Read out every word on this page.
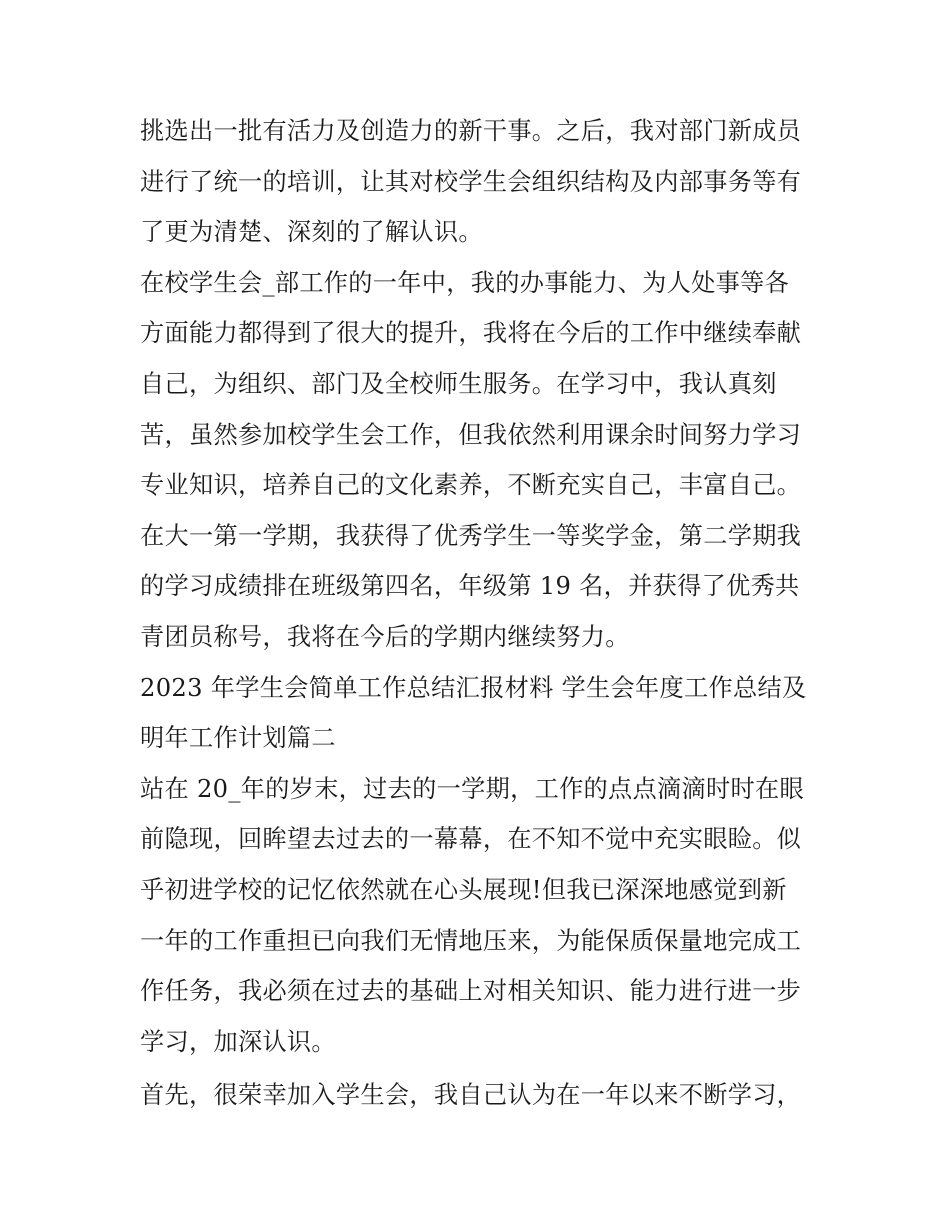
挑选出一批有活力及创造力的新干事。之后，我对部门新成员
进行了统一的培训，让其对校学生会组织结构及内部事务等有
了更为清楚、深刻的了解认识。
在校学生会_部工作的一年中，我的办事能力、为人处事等各
方面能力都得到了很大的提升，我将在今后的工作中继续奉献
自己，为组织、部门及全校师生服务。在学习中，我认真刻
苦，虽然参加校学生会工作，但我依然利用课余时间努力学习
专业知识，培养自己的文化素养，不断充实自己，丰富自己。
在大一第一学期，我获得了优秀学生一等奖学金，第二学期我
的学习成绩排在班级第四名，年级第 19 名，并获得了优秀共
青团员称号，我将在今后的学期内继续努力。
2023 年学生会简单工作总结汇报材料 学生会年度工作总结及
明年工作计划篇二
站在 20_年的岁末，过去的一学期，工作的点点滴滴时时在眼
前隐现，回眸望去过去的一幕幕，在不知不觉中充实眼睑。似
乎初进学校的记忆依然就在心头展现!但我已深深地感觉到新
一年的工作重担已向我们无情地压来，为能保质保量地完成工
作任务，我必须在过去的基础上对相关知识、能力进行进一步
学习，加深认识。
首先，很荣幸加入学生会，我自己认为在一年以来不断学习，
